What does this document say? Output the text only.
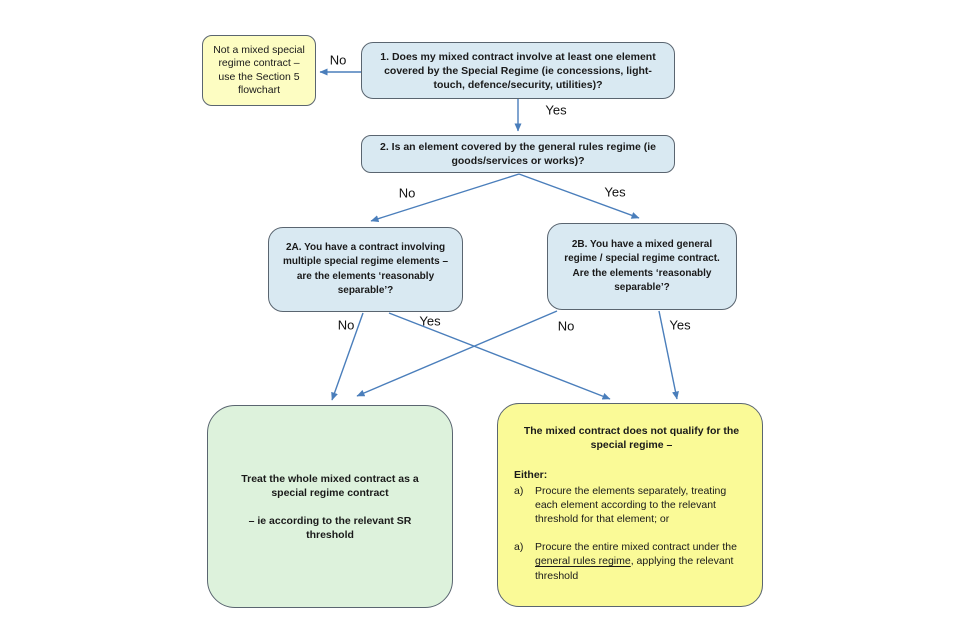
Not a mixed special regime contract – use the Section 5 flowchart
1. Does my mixed contract involve at least one element covered by the Special Regime (ie concessions, light-touch, defence/security, utilities)?
2. Is an element covered by the general rules regime (ie goods/services or works)?
2A. You have a contract involving multiple special regime elements – are the elements ‘reasonably separable’?
2B. You have a mixed general regime / special regime contract. Are the elements ‘reasonably separable’?
Treat the whole mixed contract as a special regime contract
– ie according to the relevant SR threshold
The mixed contract does not qualify for the special regime –
Either:
a)	Procure the elements separately, treating each element according to the relevant threshold for that element; or
a)	Procure the entire mixed contract under the general rules regime, applying the relevant threshold
No
Yes
No	Yes
No	Yes	No	Yes
